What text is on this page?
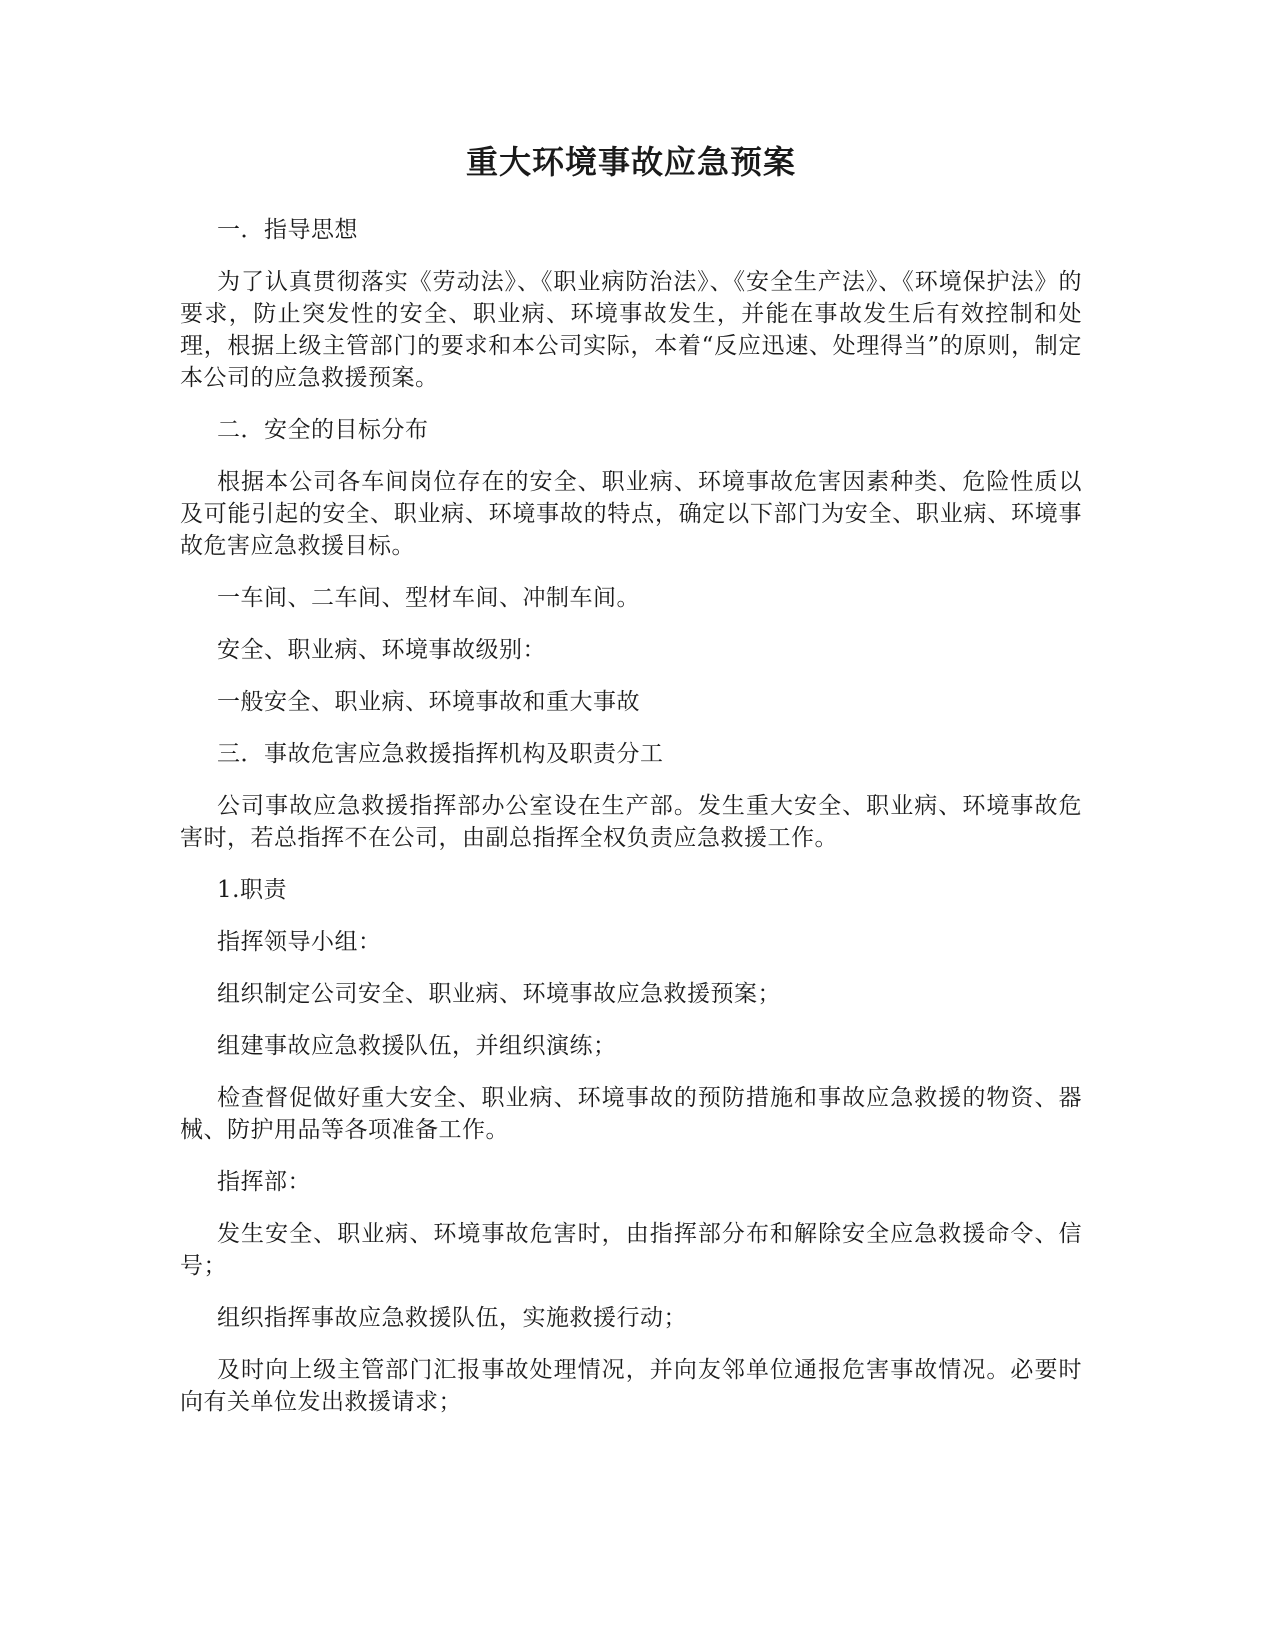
重大环境事故应急预案

一．指导思想

为了认真贯彻落实《劳动法》、《职业病防治法》、《安全生产法》、《环境保护法》的要求，防止突发性的安全、职业病、环境事故发生，并能在事故发生后有效控制和处理，根据上级主管部门的要求和本公司实际，本着“反应迅速、处理得当”的原则，制定本公司的应急救援预案。

二．安全的目标分布

根据本公司各车间岗位存在的安全、职业病、环境事故危害因素种类、危险性质以及可能引起的安全、职业病、环境事故的特点，确定以下部门为安全、职业病、环境事故危害应急救援目标。

一车间、二车间、型材车间、冲制车间。

安全、职业病、环境事故级别：

一般安全、职业病、环境事故和重大事故

三．事故危害应急救援指挥机构及职责分工

公司事故应急救援指挥部办公室设在生产部。发生重大安全、职业病、环境事故危害时，若总指挥不在公司，由副总指挥全权负责应急救援工作。

1.职责

指挥领导小组：

组织制定公司安全、职业病、环境事故应急救援预案；

组建事故应急救援队伍，并组织演练；

检查督促做好重大安全、职业病、环境事故的预防措施和事故应急救援的物资、器械、防护用品等各项准备工作。

指挥部：

发生安全、职业病、环境事故危害时，由指挥部分布和解除安全应急救援命令、信号；

组织指挥事故应急救援队伍，实施救援行动；

及时向上级主管部门汇报事故处理情况，并向友邻单位通报危害事故情况。必要时向有关单位发出救援请求；
